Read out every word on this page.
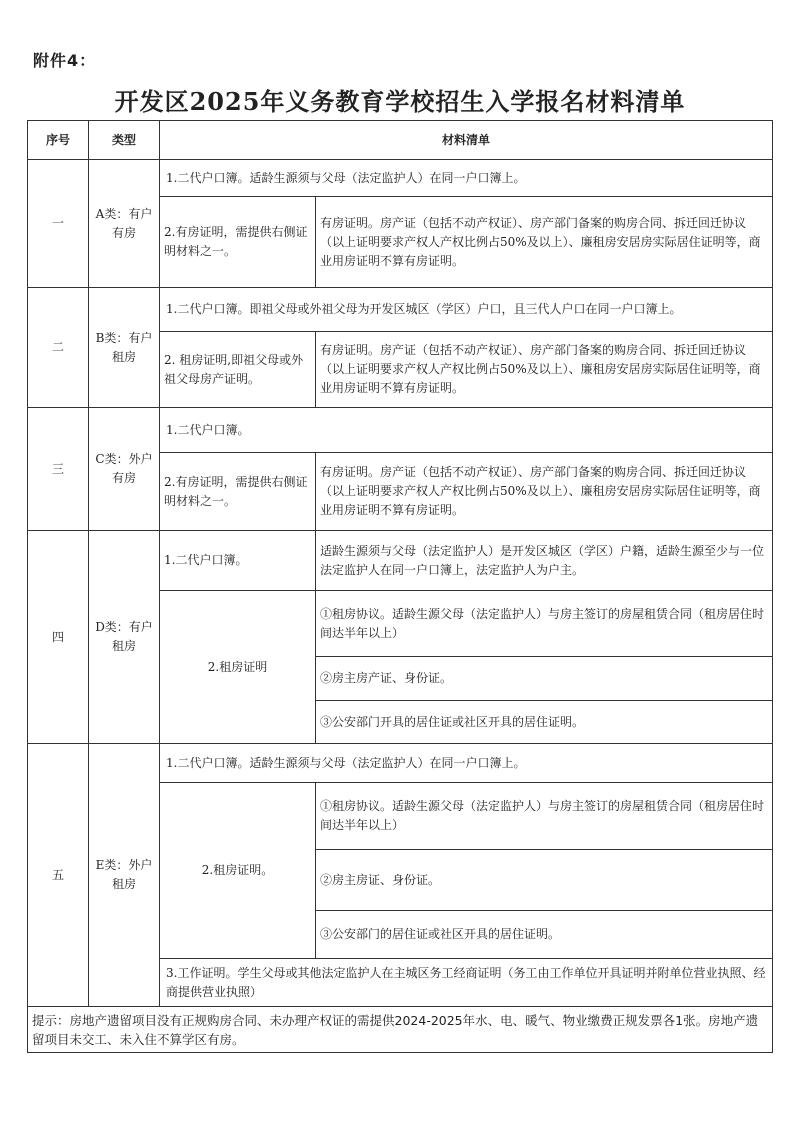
附件4：
开发区2025年义务教育学校招生入学报名材料清单
序号	类型	材料清单	
一	A类：有户有房	1.二代户口簿。适龄生源须与父母（法定监护人）在同一户口簿上。	
		2.有房证明，需提供右侧证明材料之一。	有房证明。房产证（包括不动产权证）、房产部门备案的购房合同、拆迁回迁协议（以上证明要求产权人产权比例占50%及以上）、廉租房安居房实际居住证明等，商业用房证明不算有房证明。
二	B类：有户租房	1.二代户口簿。即祖父母或外祖父母为开发区城区（学区）户口，且三代人户口在同一户口簿上。	
		2. 租房证明,即祖父母或外祖父母房产证明。	有房证明。房产证（包括不动产权证）、房产部门备案的购房合同、拆迁回迁协议（以上证明要求产权人产权比例占50%及以上）、廉租房安居房实际居住证明等，商业用房证明不算有房证明。
三	C类：外户有房	1.二代户口簿。	
		2.有房证明，需提供右侧证明材料之一。	有房证明。房产证（包括不动产权证）、房产部门备案的购房合同、拆迁回迁协议（以上证明要求产权人产权比例占50%及以上）、廉租房安居房实际居住证明等，商业用房证明不算有房证明。
四	D类：有户租房	1.二代户口簿。	适龄生源须与父母（法定监护人）是开发区城区（学区）户籍，适龄生源至少与一位法定监护人在同一户口簿上，法定监护人为户主。
		2.租房证明	①租房协议。适龄生源父母（法定监护人）与房主签订的房屋租赁合同（租房居住时间达半年以上）
			②房主房产证、身份证。
			③公安部门开具的居住证或社区开具的居住证明。
五	E类：外户租房	1.二代户口簿。适龄生源须与父母（法定监护人）在同一户口簿上。	
		2.租房证明。	①租房协议。适龄生源父母（法定监护人）与房主签订的房屋租赁合同（租房居住时间达半年以上）
			②房主房证、身份证。
			③公安部门的居住证或社区开具的居住证明。
		3.工作证明。学生父母或其他法定监护人在主城区务工经商证明（务工由工作单位开具证明并附单位营业执照、经商提供营业执照）	
提示：房地产遗留项目没有正规购房合同、未办理产权证的需提供2024-2025年水、电、暖气、物业缴费正规发票各1张。房地产遗留项目未交工、未入住不算学区有房。			
